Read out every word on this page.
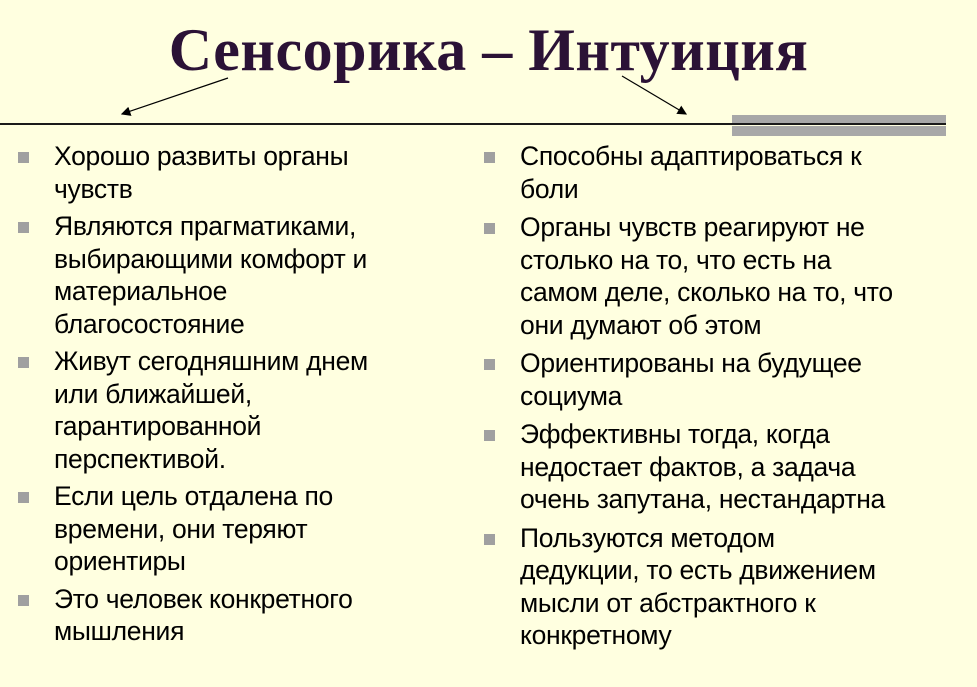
Сенсорика – Интуиция
Хорошо развиты органы
чувств
Являются прагматиками,
выбирающими комфорт и
материальное
благосостояние
Живут сегодняшним днем
или ближайшей,
гарантированной
перспективой.
Если цель отдалена по
времени, они теряют
ориентиры
Это человек конкретного
мышления
Способны адаптироваться к
боли
Органы чувств реагируют не
столько на то, что есть на
самом деле, сколько на то, что
они думают об этом
Ориентированы на будущее
социума
Эффективны тогда, когда
недостает фактов, а задача
очень запутана, нестандартна
Пользуются методом
дедукции, то есть движением
мысли от абстрактного к
конкретному
